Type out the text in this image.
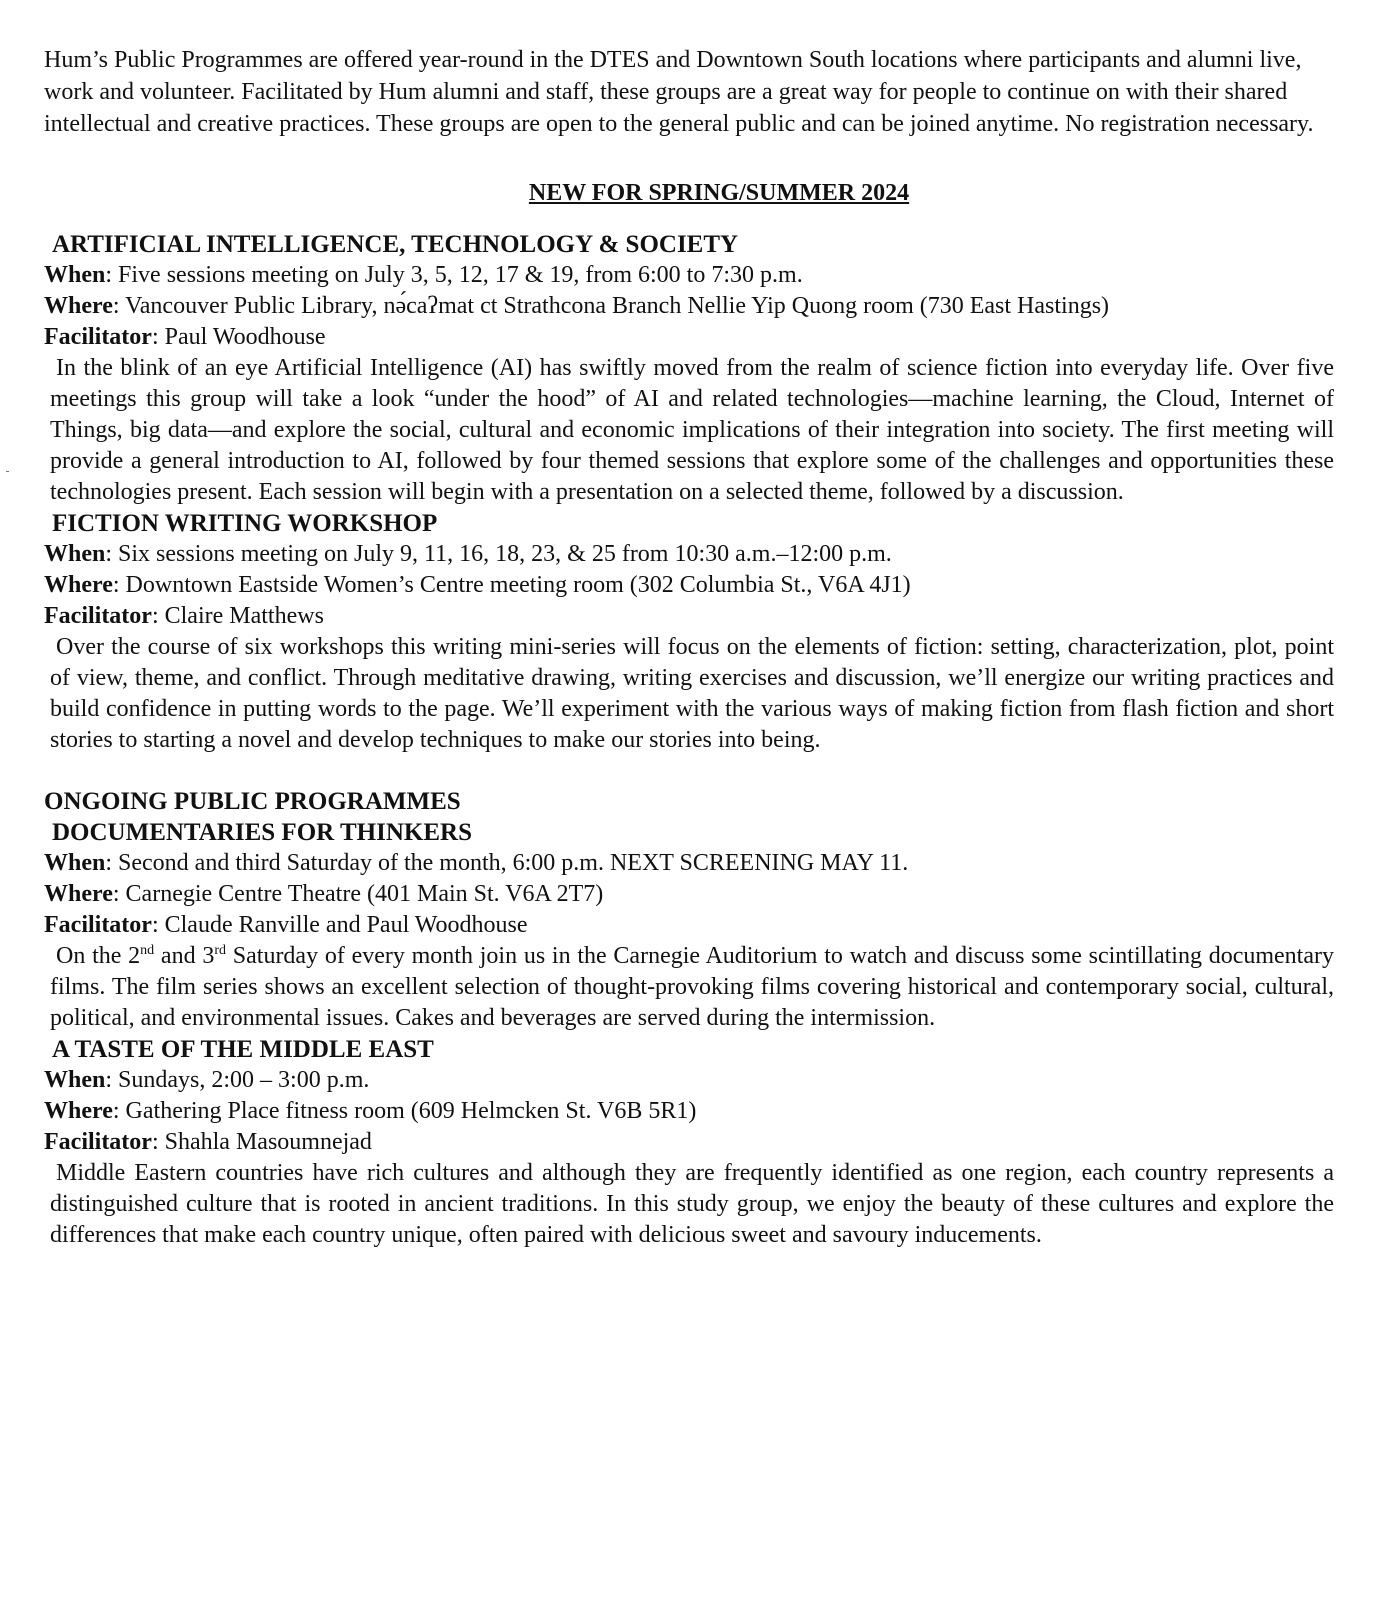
Hum’s Public Programmes are offered year-round in the DTES and Downtown South locations where participants and alumni live, work and volunteer. Facilitated by Hum alumni and staff, these groups are a great way for people to continue on with their shared intellectual and creative practices. These groups are open to the general public and can be joined anytime. No registration necessary.

NEW FOR SPRING/SUMMER 2024

ARTIFICIAL INTELLIGENCE, TECHNOLOGY & SOCIETY

When: Five sessions meeting on July 3, 5, 12, 17 & 19, from 6:00 to 7:30 p.m.

Where: Vancouver Public Library, nə́caʔmat ct Strathcona Branch Nellie Yip Quong room (730 East Hastings)

Facilitator: Paul Woodhouse

In the blink of an eye Artificial Intelligence (AI) has swiftly moved from the realm of science fiction into everyday life. Over five meetings this group will take a look “under the hood” of AI and related technologies—machine learning, the Cloud, Internet of Things, big data—and explore the social, cultural and economic implications of their integration into society. The first meeting will provide a general introduction to AI, followed by four themed sessions that explore some of the challenges and opportunities these technologies present. Each session will begin with a presentation on a selected theme, followed by a discussion.

FICTION WRITING WORKSHOP

When: Six sessions meeting on July 9, 11, 16, 18, 23, & 25 from 10:30 a.m.–12:00 p.m.

Where: Downtown Eastside Women’s Centre meeting room (302 Columbia St., V6A 4J1)

Facilitator: Claire Matthews

Over the course of six workshops this writing mini-series will focus on the elements of fiction: setting, characterization, plot, point of view, theme, and conflict. Through meditative drawing, writing exercises and discussion, we’ll energize our writing practices and build confidence in putting words to the page. We’ll experiment with the various ways of making fiction from flash fiction and short stories to starting a novel and develop techniques to make our stories into being.

ONGOING PUBLIC PROGRAMMES

DOCUMENTARIES FOR THINKERS

When: Second and third Saturday of the month, 6:00 p.m. NEXT SCREENING MAY 11.

Where: Carnegie Centre Theatre (401 Main St. V6A 2T7)

Facilitator: Claude Ranville and Paul Woodhouse

On the 2nd and 3rd Saturday of every month join us in the Carnegie Auditorium to watch and discuss some scintillating documentary films. The film series shows an excellent selection of thought-provoking films covering historical and contemporary social, cultural, political, and environmental issues. Cakes and beverages are served during the intermission.

A TASTE OF THE MIDDLE EAST

When: Sundays, 2:00 – 3:00 p.m.

Where: Gathering Place fitness room (609 Helmcken St. V6B 5R1)

Facilitator: Shahla Masoumnejad

Middle Eastern countries have rich cultures and although they are frequently identified as one region, each country represents a distinguished culture that is rooted in ancient traditions. In this study group, we enjoy the beauty of these cultures and explore the differences that make each country unique, often paired with delicious sweet and savoury inducements.
